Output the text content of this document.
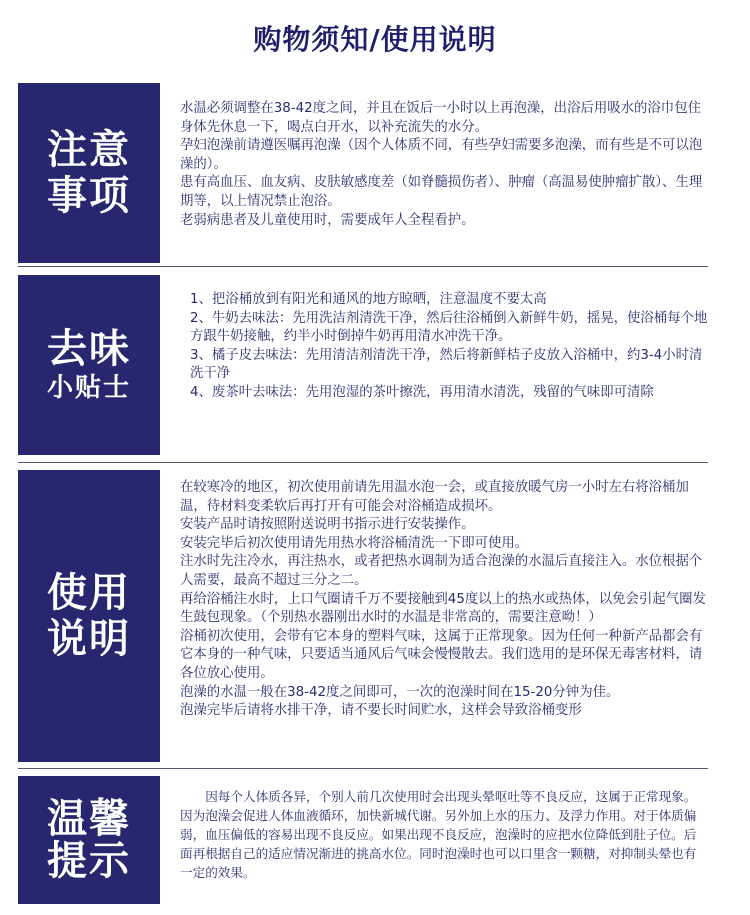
购物须知/使用说明
注意
事项

水温必须调整在38-42度之间，并且在饭后一小时以上再泡澡，出浴后用吸水的浴巾包住身体先休息一下，喝点白开水，以补充流失的水分。

孕妇泡澡前请遵医嘱再泡澡（因个人体质不同，有些孕妇需要多泡澡，而有些是不可以泡澡的）。

患有高血压、血友病、皮肤敏感度差（如脊髓损伤者）、肿瘤（高温易使肿瘤扩散）、生理期等，以上情况禁止泡浴。

老弱病患者及儿童使用时，需要成年人全程看护。

去味
小贴士

1、把浴桶放到有阳光和通风的地方晾晒，注意温度不要太高

2、牛奶去味法：先用洗洁剂清洗干净，然后往浴桶倒入新鲜牛奶，摇晃，使浴桶每个地方跟牛奶接触，约半小时倒掉牛奶再用清水冲洗干净。

3、橘子皮去味法：先用清洁剂清洗干净，然后将新鲜桔子皮放入浴桶中，约3-4小时清洗干净

4、废茶叶去味法：先用泡湿的茶叶擦洗，再用清水清洗，残留的气味即可清除

使用
说明

在较寒冷的地区，初次使用前请先用温水泡一会，或直接放暖气房一小时左右将浴桶加温，待材料变柔软后再打开有可能会对浴桶造成损坏。

安装产品时请按照附送说明书指示进行安装操作。

安装完毕后初次使用请先用热水将浴桶清洗一下即可使用。

注水时先注冷水，再注热水，或者把热水调制为适合泡澡的水温后直接注入。水位根据个人需要，最高不超过三分之二。

再给浴桶注水时，上口气圈请千万不要接触到45度以上的热水或热体，以免会引起气圈发生鼓包现象。（个别热水器刚出水时的水温是非常高的，需要注意呦！）

浴桶初次使用，会带有它本身的塑料气味，这属于正常现象。因为任何一种新产品都会有它本身的一种气味，只要适当通风后气味会慢慢散去。我们选用的是环保无毒害材料，请各位放心使用。

泡澡的水温一般在38-42度之间即可，一次的泡澡时间在15-20分钟为佳。

泡澡完毕后请将水排干净，请不要长时间贮水，这样会导致浴桶变形

温馨
提示

因每个人体质各异，个别人前几次使用时会出现头晕呕吐等不良反应，这属于正常现象。因为泡澡会促进人体血液循环，加快新城代谢。另外加上水的压力、及浮力作用。对于体质偏弱，血压偏低的容易出现不良反应。如果出现不良反应，泡澡时的应把水位降低到肚子位。后面再根据自己的适应情况渐进的挑高水位。同时泡澡时也可以口里含一颗糖，对抑制头晕也有一定的效果。
